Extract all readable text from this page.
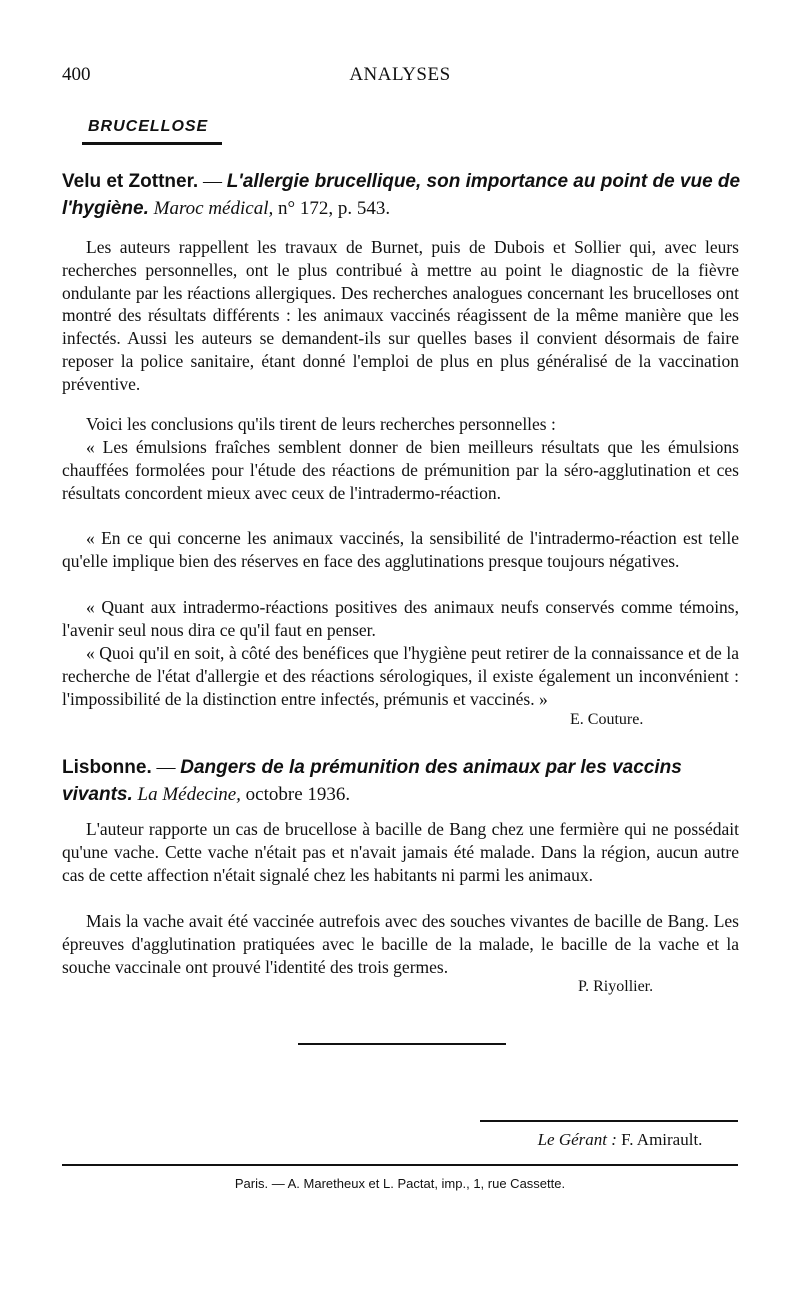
400	ANALYSES
BRUCELLOSE
Velu et Zottner. — L'allergie brucellique, son importance au point de vue de l'hygiène. Maroc médical, n° 172, p. 543.
Les auteurs rappellent les travaux de Burnet, puis de Dubois et Sollier qui, avec leurs recherches personnelles, ont le plus contribué à mettre au point le diagnostic de la fièvre ondulante par les réactions allergiques. Des recherches analogues concernant les brucelloses ont montré des résultats différents : les animaux vaccinés réagissent de la même manière que les infectés. Aussi les auteurs se demandent-ils sur quelles bases il convient désormais de faire reposer la police sanitaire, étant donné l'emploi de plus en plus généralisé de la vaccination préventive.
Voici les conclusions qu'ils tirent de leurs recherches personnelles :
« Les émulsions fraîches semblent donner de bien meilleurs résultats que les émulsions chauffées formolées pour l'étude des réactions de prémunition par la séro-agglutination et ces résultats concordent mieux avec ceux de l'intradermo-réaction.
« En ce qui concerne les animaux vaccinés, la sensibilité de l'intradermo-réaction est telle qu'elle implique bien des réserves en face des agglutinations presque toujours négatives.
« Quant aux intradermo-réactions positives des animaux neufs conservés comme témoins, l'avenir seul nous dira ce qu'il faut en penser.
« Quoi qu'il en soit, à côté des benéfices que l'hygiène peut retirer de la connaissance et de la recherche de l'état d'allergie et des réactions sérologiques, il existe également un inconvénient : l'impossibilité de la distinction entre infectés, prémunis et vaccinés. »
E. Couture.
Lisbonne. — Dangers de la prémunition des animaux par les vaccins vivants. La Médecine, octobre 1936.
L'auteur rapporte un cas de brucellose à bacille de Bang chez une fermière qui ne possédait qu'une vache. Cette vache n'était pas et n'avait jamais été malade. Dans la région, aucun autre cas de cette affection n'était signalé chez les habitants ni parmi les animaux.
Mais la vache avait été vaccinée autrefois avec des souches vivantes de bacille de Bang. Les épreuves d'agglutination pratiquées avec le bacille de la malade, le bacille de la vache et la souche vaccinale ont prouvé l'identité des trois germes.
P. Riyollier.
Le Gérant : F. Amirault.
Paris. — A. Maretheux et L. Pactat, imp., 1, rue Cassette.
